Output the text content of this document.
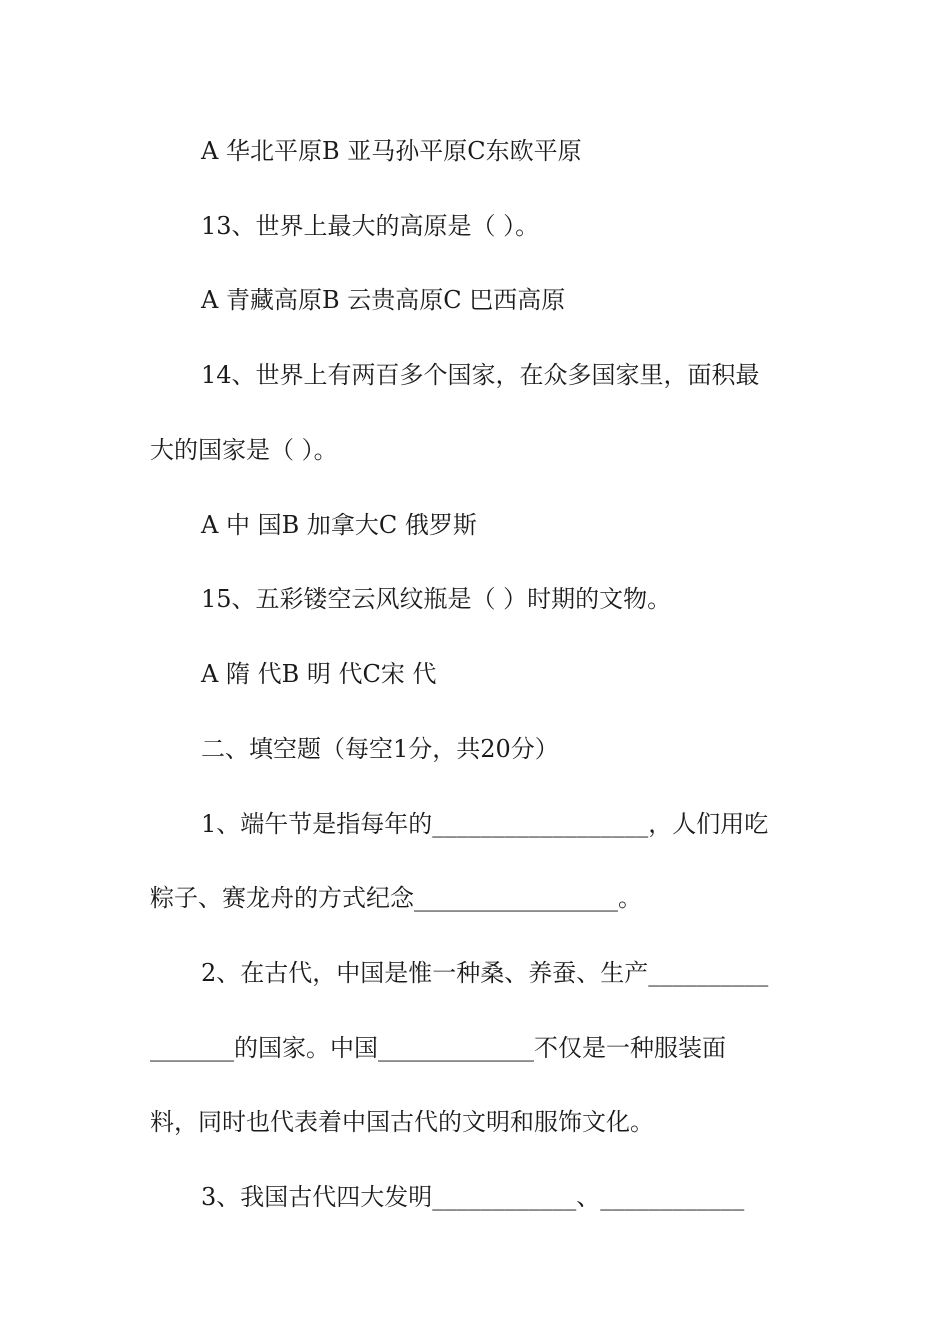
A 华北平原B 亚马孙平原C东欧平原
13、世界上最大的高原是（ ）。
A 青藏高原B 云贵高原C 巴西高原
14、世界上有两百多个国家，在众多国家里，面积最
大的国家是（ ）。
A 中 国B 加拿大C 俄罗斯
15、五彩镂空云风纹瓶是（ ）时期的文物。
A 隋 代B 明 代C宋 代
二、填空题（每空1分，共20分）
1、端午节是指每年的__________________，人们用吃
粽子、赛龙舟的方式纪念_________________。
2、在古代，中国是惟一种桑、养蚕、生产__________
_______的国家。中国_____________不仅是一种服装面
料，同时也代表着中国古代的文明和服饰文化。
3、我国古代四大发明____________、____________
